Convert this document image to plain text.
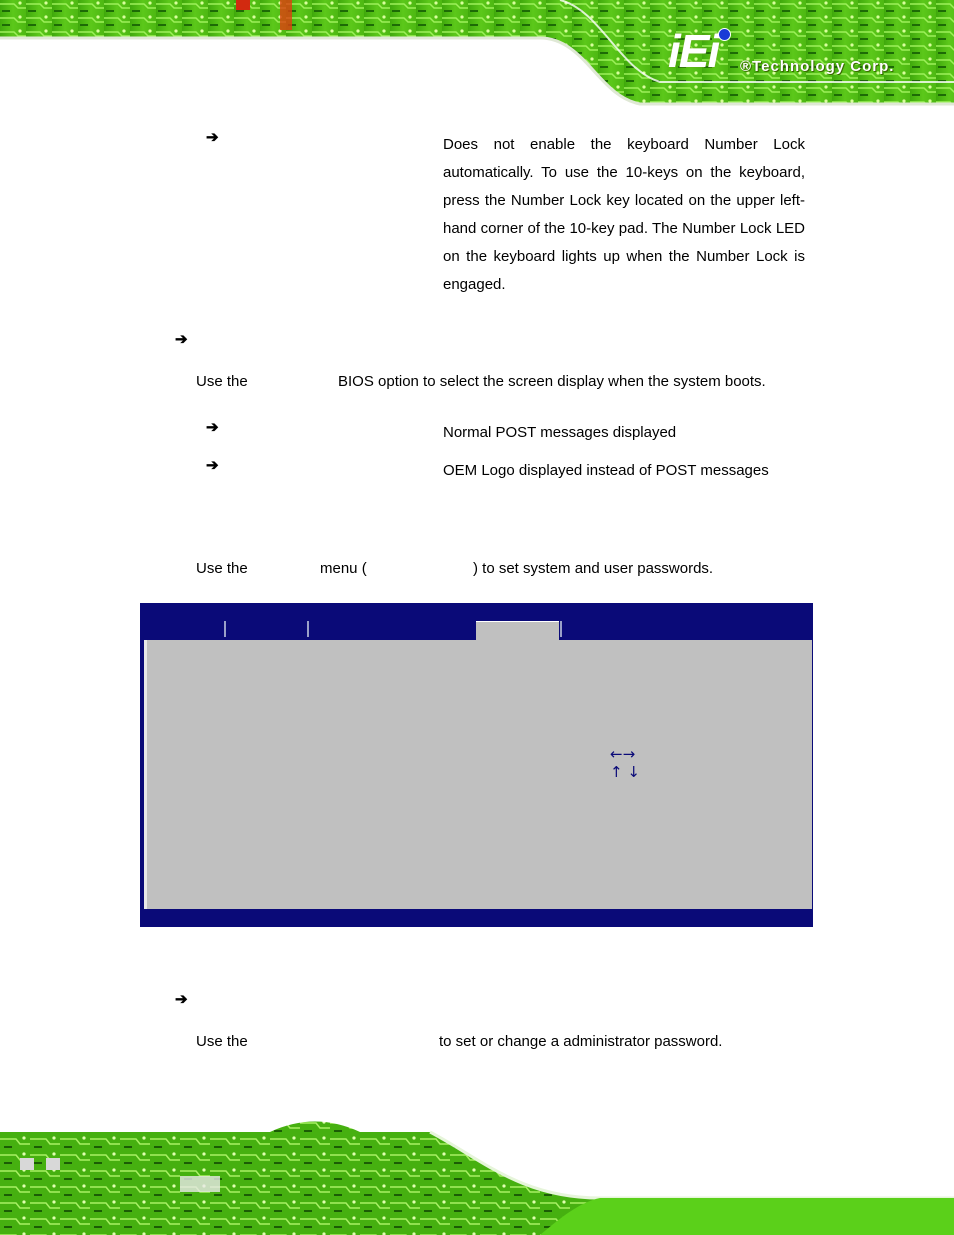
iEi ®Technology Corp.
➔	Does not enable the keyboard Number Lock automatically. To use the 10-keys on the keyboard, press the Number Lock key located on the upper left-hand corner of the 10-key pad. The Number Lock LED on the keyboard lights up when the Number Lock is engaged.
➔
Use the	BIOS option to select the screen display when the system boots.
➔	Normal POST messages displayed
➔	OEM Logo displayed instead of POST messages
Use the	menu (	) to set system and user passwords.
←→
↑ ↓
➔
Use the	to set or change a administrator password.
